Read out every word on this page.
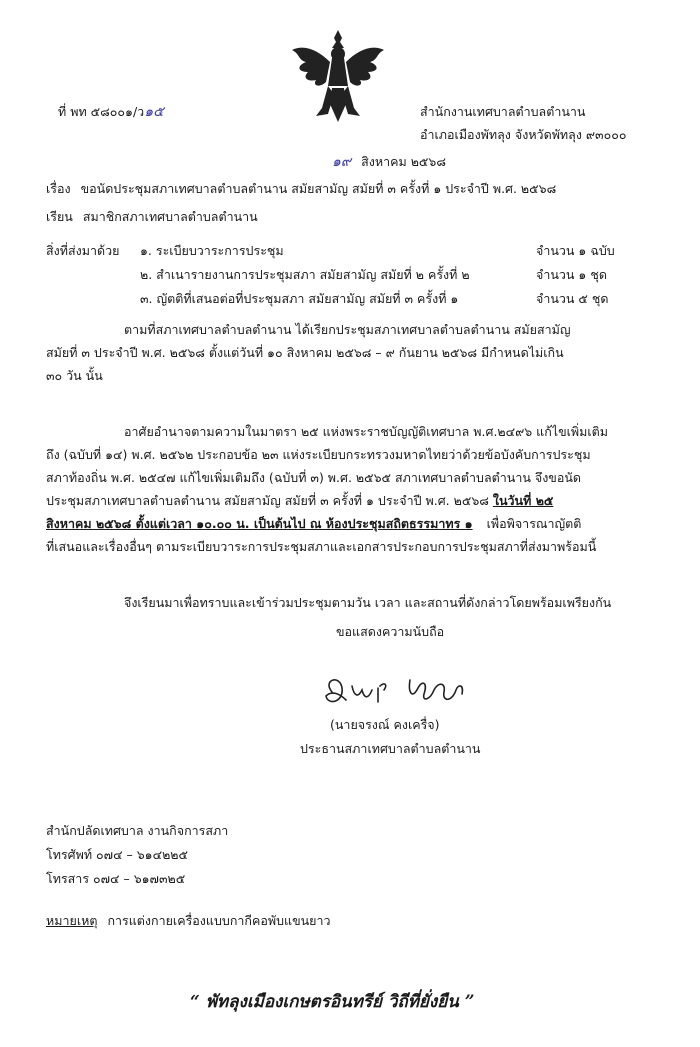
ที่ พท ๕๘๐๐๑/ว๑๕	สำนักงานเทศบาลตำบลตำนาน
อำเภอเมืองพัทลุง จังหวัดพัทลุง ๙๓๐๐๐
๑๙ สิงหาคม ๒๕๖๘
เรื่อง ขอนัดประชุมสภาเทศบาลตำบลตำนาน สมัยสามัญ สมัยที่ ๓ ครั้งที่ ๑ ประจำปี พ.ศ. ๒๕๖๘
เรียน สมาชิกสภาเทศบาลตำบลตำนาน
สิ่งที่ส่งมาด้วย ๑. ระเบียบวาระการประชุม	จำนวน ๑ ฉบับ
๒. สำเนารายงานการประชุมสภา สมัยสามัญ สมัยที่ ๒ ครั้งที่ ๒	จำนวน ๑ ชุด
๓. ญัตติที่เสนอต่อที่ประชุมสภา สมัยสามัญ สมัยที่ ๓ ครั้งที่ ๑	จำนวน ๕ ชุด
ตามที่สภาเทศบาลตำบลตำนาน ได้เรียกประชุมสภาเทศบาลตำบลตำนาน สมัยสามัญ
สมัยที่ ๓ ประจำปี พ.ศ. ๒๕๖๘ ตั้งแต่วันที่ ๑๐ สิงหาคม ๒๕๖๘ – ๙ กันยาน ๒๕๖๘ มีกำหนดไม่เกิน
๓๐ วัน นั้น
อาศัยอำนาจตามความในมาตรา ๒๕ แห่งพระราชบัญญัติเทศบาล พ.ศ.๒๔๙๖ แก้ไขเพิ่มเติม
ถึง (ฉบับที่ ๑๔) พ.ศ. ๒๕๖๒ ประกอบข้อ ๒๓ แห่งระเบียบกระทรวงมหาดไทยว่าด้วยข้อบังคับการประชุม
สภาท้องถิ่น พ.ศ. ๒๕๔๗ แก้ไขเพิ่มเติมถึง (ฉบับที่ ๓) พ.ศ. ๒๕๖๕ สภาเทศบาลตำบลตำนาน จึงขอนัด
ประชุมสภาเทศบาลตำบลตำนาน สมัยสามัญ สมัยที่ ๓ ครั้งที่ ๑ ประจำปี พ.ศ. ๒๕๖๘ ในวันที่ ๒๕
สิงหาคม ๒๕๖๘ ตั้งแต่เวลา ๑๐.๐๐ น. เป็นต้นไป ณ ห้องประชุมสถิตธรรมาทร ๑ เพื่อพิจารณาญัตติ
ที่เสนอและเรื่องอื่นๆ ตามระเบียบวาระการประชุมสภาและเอกสารประกอบการประชุมสภาที่ส่งมาพร้อมนี้
จึงเรียนมาเพื่อทราบและเข้าร่วมประชุมตามวัน เวลา และสถานที่ดังกล่าวโดยพร้อมเพรียงกัน
ขอแสดงความนับถือ
(นายจรงณ์ คงเครื่จ)
ประธานสภาเทศบาลตำบลตำนาน
สำนักปลัดเทศบาล งานกิจการสภา
โทรศัพท์ ๐๗๔ – ๖๑๔๒๒๕
โทรสาร ๐๗๔ – ๖๑๗๓๒๕
หมายเหตุ การแต่งกายเครื่องแบบกากีคอพับแขนยาว
“ พัทลุงเมืองเกษตรอินทรีย์ วิถีที่ยั่งยืน ”
